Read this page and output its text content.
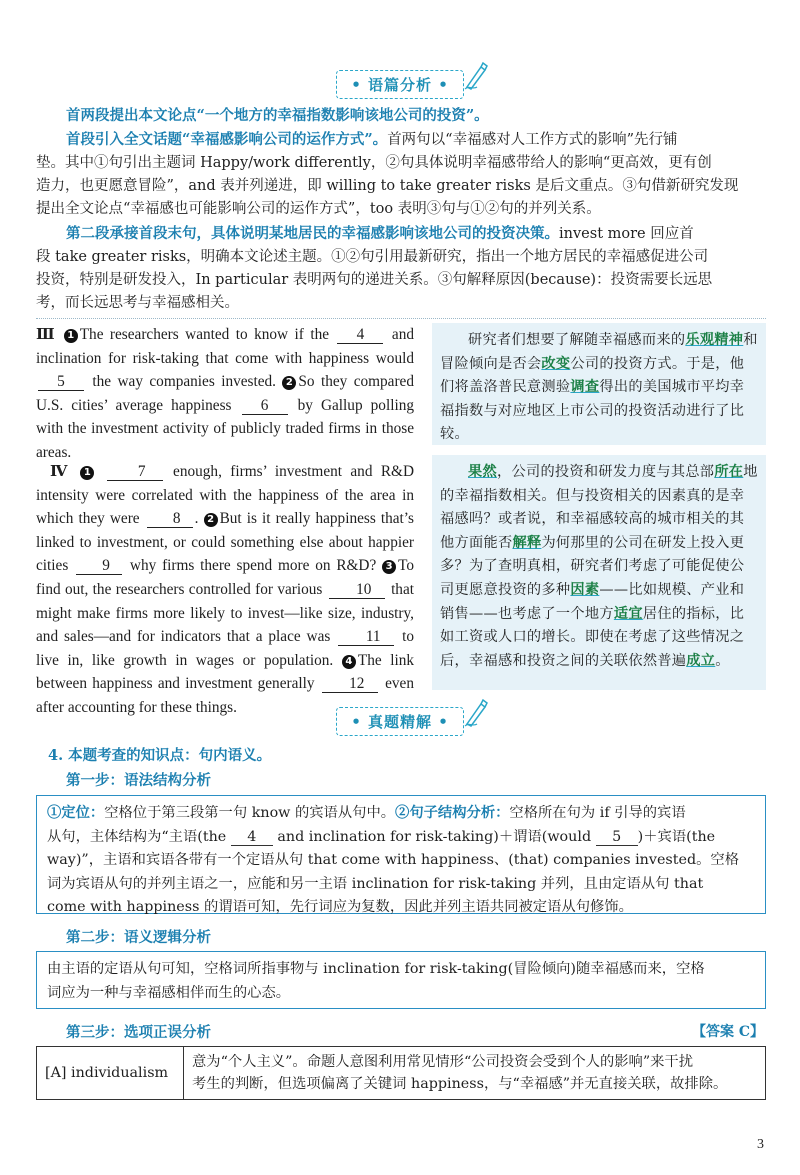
• 语篇分析 •
首两段提出本文论点“一个地方的幸福指数影响该地公司的投资”。
首段引入全文话题“幸福感影响公司的运作方式”。首两句以“幸福感对人工作方式的影响”先行铺
垫。其中①句引出主题词 Happy/work differently，②句具体说明幸福感带给人的影响“更高效，更有创
造力，也更愿意冒险”，and 表并列递进，即 willing to take greater risks 是后文重点。③句借新研究发现
提出全文论点“幸福感也可能影响公司的运作方式”，too 表明③句与①②句的并列关系。
第二段承接首段末句，具体说明某地居民的幸福感影响该地公司的投资决策。invest more 回应首
段 take greater risks，明确本文论述主题。①②句引用最新研究，指出一个地方居民的幸福感促进公司
投资，特别是研发投入，In particular 表明两句的递进关系。③句解释原因(because)：投资需要长远思
考，而长远思考与幸福感相关。
Ⅲ 1 The researchers wanted to know if the 4 and inclination for risk-taking that come with happiness would 5 the way companies invested. 2 So they compared U.S. cities’ average happiness 6 by Gallup polling with the investment activity of publicly traded firms in those areas.
Ⅳ 1	7 enough, firms’ investment and R&D intensity were correlated with the happiness of the area in which they were 8 . 2 But is it really happiness that’s linked to investment, or could something else about happier cities 9 why firms there spend more on R&D? 3 To find out, the researchers controlled for various 10 that might make firms more likely to invest—like size, industry, and sales—and for indicators that a place was 11 to live in, like growth in wages or population. 4 The link between happiness and investment generally 12 even after accounting for these things.
研究者们想要了解随幸福感而来的乐观精神和冒险倾向是否会改变公司的投资方式。于是，他们将盖洛普民意测验调查得出的美国城市平均幸福指数与对应地区上市公司的投资活动进行了比较。
果然，公司的投资和研发力度与其总部所在地的幸福指数相关。但与投资相关的因素真的是幸福感吗？或者说，和幸福感较高的城市相关的其他方面能否解释为何那里的公司在研发上投入更多？为了查明真相，研究者们考虑了可能促使公司更愿意投资的多种因素——比如规模、产业和销售——也考虑了一个地方适宜居住的指标，比如工资或人口的增长。即使在考虑了这些情况之后，幸福感和投资之间的关联依然普遍成立。
• 真题精解 •
4. 本题考查的知识点：句内语义。
第一步：语法结构分析
①定位：空格位于第三段第一句 know 的宾语从句中。②句子结构分析：空格所在句为 if 引导的宾语
从句，主体结构为“主语(the 4 and inclination for risk-taking)＋谓语(would 5 )＋宾语(the
way)”，主语和宾语各带有一个定语从句 that come with happiness、(that) companies invested。空格
词为宾语从句的并列主语之一，应能和另一主语 inclination for risk-taking 并列，且由定语从句 that
come with happiness 的谓语可知，先行词应为复数，因此并列主语共同被定语从句修饰。
第二步：语义逻辑分析
由主语的定语从句可知，空格词所指事物与 inclination for risk-taking(冒险倾向)随幸福感而来，空格
词应为一种与幸福感相伴而生的心态。
第三步：选项正误分析	【答案 C】
[A] individualism	
意为“个人主义”。命题人意图利用常见情形“公司投资会受到个人的影响”来干扰
考生的判断，但选项偏离了关键词 happiness，与“幸福感”并无直接关联，故排除。
3
